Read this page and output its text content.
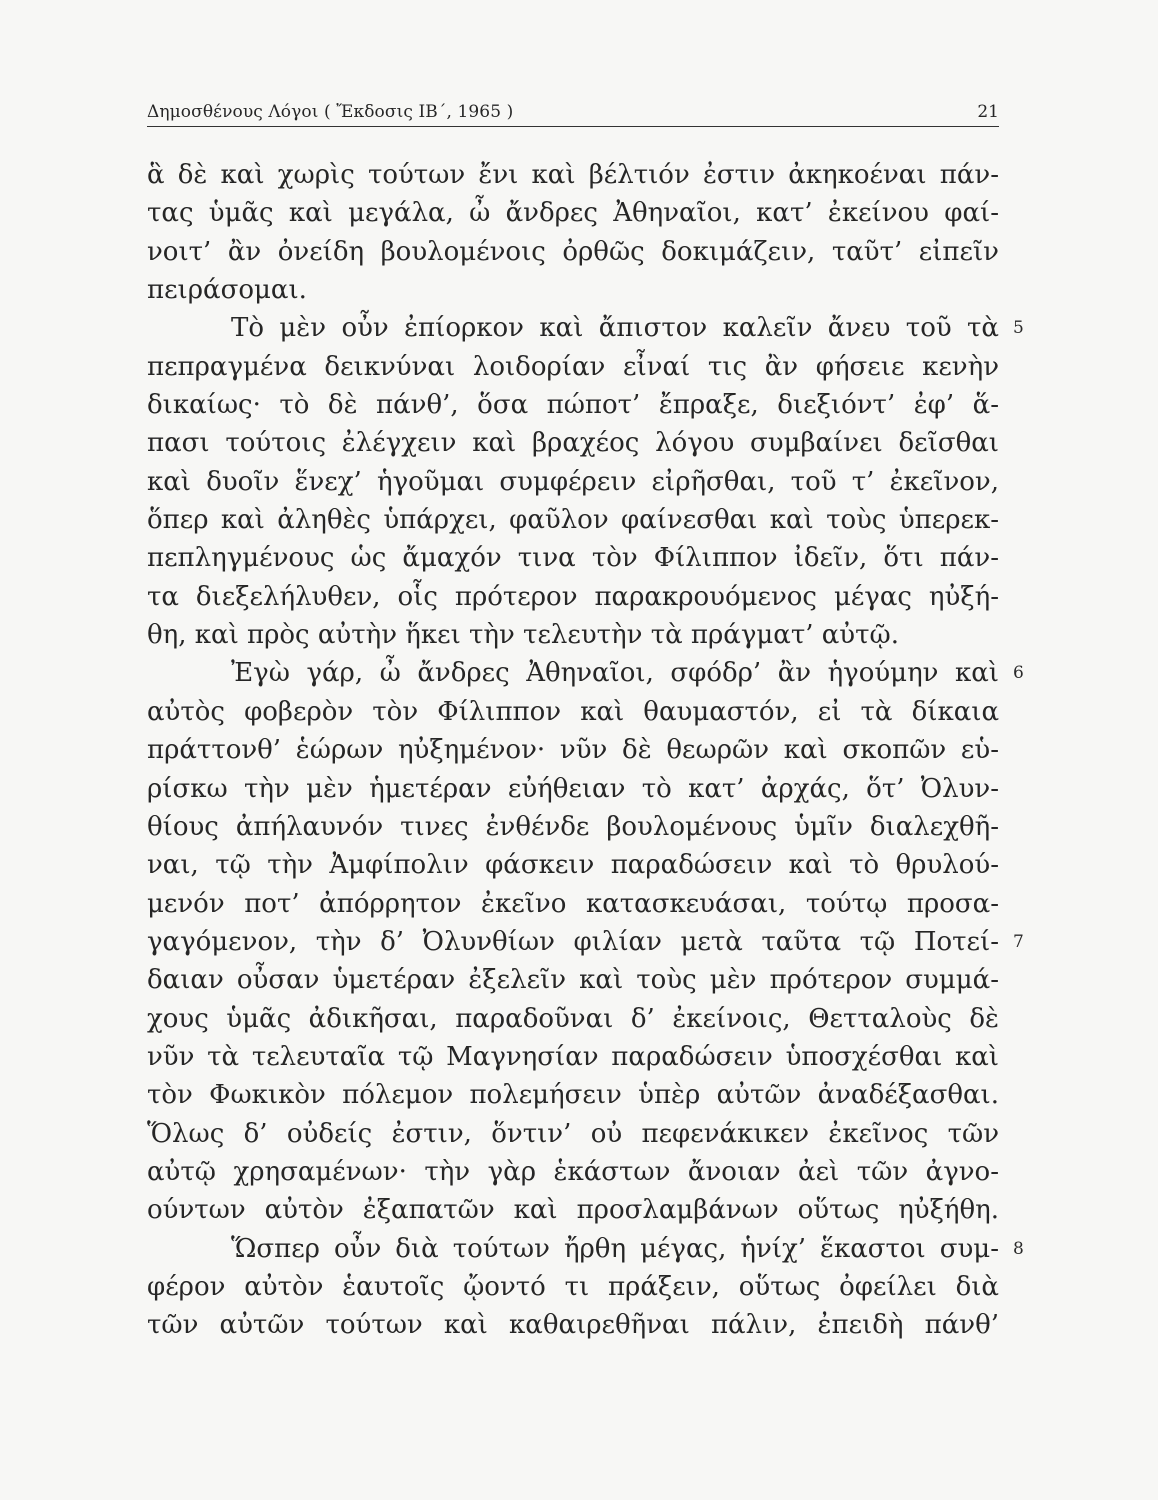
Δημοσθένους Λόγοι ( Ἔκδοσις ΙΒ΄, 1965 )	21
ἃ δὲ καὶ χωρὶς τούτων ἔνι καὶ βέλτιόν ἐστιν ἀκηκοέναι πάν-
τας ὑμᾶς καὶ μεγάλα, ὦ ἄνδρες Ἀθηναῖοι, κατ’ ἐκείνου φαί-
νοιτ’ ἂν ὀνείδη βουλομένοις ὀρθῶς δοκιμάζειν, ταῦτ’ εἰπεῖν
πειράσομαι.
Τὸ μὲν οὖν ἐπίορκον καὶ ἄπιστον καλεῖν ἄνευ τοῦ τὰ 5
πεπραγμένα δεικνύναι λοιδορίαν εἶναί τις ἂν φήσειε κενὴν
δικαίως· τὸ δὲ πάνθ’, ὅσα πώποτ’ ἔπραξε, διεξιόντ’ ἐφ’ ἅ-
πασι τούτοις ἐλέγχειν καὶ βραχέος λόγου συμβαίνει δεῖσθαι
καὶ δυοῖν ἕνεχ’ ἡγοῦμαι συμφέρειν εἰρῆσθαι, τοῦ τ’ ἐκεῖνον,
ὅπερ καὶ ἀληθὲς ὑπάρχει, φαῦλον φαίνεσθαι καὶ τοὺς ὑπερεκ-
πεπληγμένους ὡς ἄμαχόν τινα τὸν Φίλιππον ἰδεῖν, ὅτι πάν-
τα διεξελήλυθεν, οἷς πρότερον παρακρουόμενος μέγας ηὐξή-
θη, καὶ πρὸς αὐτὴν ἥκει τὴν τελευτὴν τὰ πράγματ’ αὐτῷ.
Ἐγὼ γάρ, ὦ ἄνδρες Ἀθηναῖοι, σφόδρ’ ἂν ἡγούμην καὶ 6
αὐτὸς φοβερὸν τὸν Φίλιππον καὶ θαυμαστόν, εἰ τὰ δίκαια
πράττονθ’ ἑώρων ηὐξημένον· νῦν δὲ θεωρῶν καὶ σκοπῶν εὑ-
ρίσκω τὴν μὲν ἡμετέραν εὐήθειαν τὸ κατ’ ἀρχάς, ὅτ’ Ὀλυν-
θίους ἀπήλαυνόν τινες ἐνθένδε βουλομένους ὑμῖν διαλεχθῆ-
ναι, τῷ τὴν Ἀμφίπολιν φάσκειν παραδώσειν καὶ τὸ θρυλού-
μενόν ποτ’ ἀπόρρητον ἐκεῖνο κατασκευάσαι, τούτῳ προσα-
γαγόμενον, τὴν δ’ Ὀλυνθίων φιλίαν μετὰ ταῦτα τῷ Ποτεί- 7
δαιαν οὖσαν ὑμετέραν ἐξελεῖν καὶ τοὺς μὲν πρότερον συμμά-
χους ὑμᾶς ἀδικῆσαι, παραδοῦναι δ’ ἐκείνοις, Θετταλοὺς δὲ
νῦν τὰ τελευταῖα τῷ Μαγνησίαν παραδώσειν ὑποσχέσθαι καὶ
τὸν Φωκικὸν πόλεμον πολεμήσειν ὑπὲρ αὐτῶν ἀναδέξασθαι.
Ὅλως δ’ οὐδείς ἐστιν, ὅντιν’ οὐ πεφενάκικεν ἐκεῖνος τῶν
αὐτῷ χρησαμένων· τὴν γὰρ ἑκάστων ἄνοιαν ἀεὶ τῶν ἀγνο-
ούντων αὐτὸν ἐξαπατῶν καὶ προσλαμβάνων οὕτως ηὐξήθη.
Ὥσπερ οὖν διὰ τούτων ἤρθη μέγας, ἡνίχ’ ἕκαστοι συμ- 8
φέρον αὐτὸν ἑαυτοῖς ᾤοντό τι πράξειν, οὕτως ὀφείλει διὰ
τῶν αὐτῶν τούτων καὶ καθαιρεθῆναι πάλιν, ἐπειδὴ πάνθ’
